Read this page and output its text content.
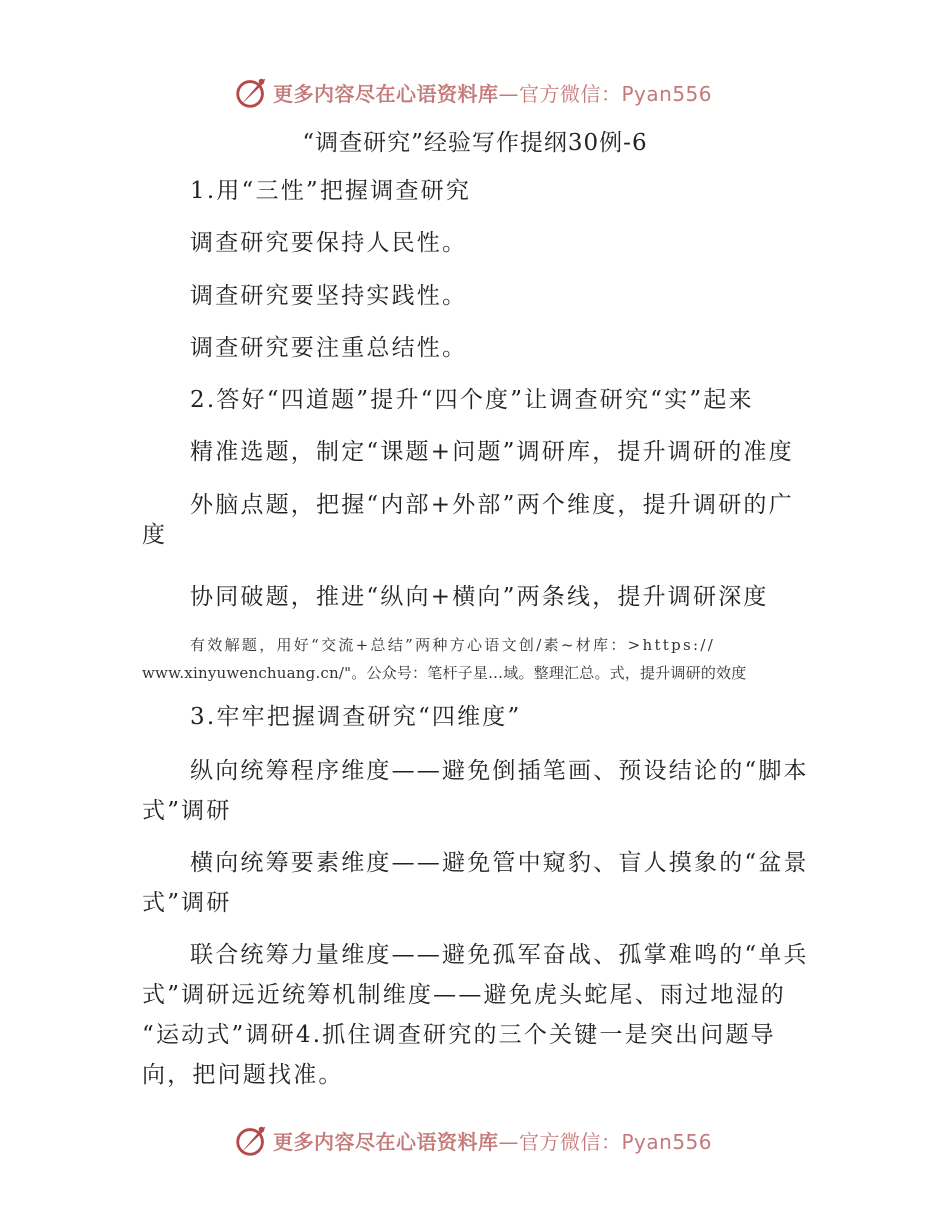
更多内容尽在心语资料库—官方微信：Pyan556
“调查研究”经验写作提纲30例-6
1.用“三性”把握调查研究
调查研究要保持人民性。
调查研究要坚持实践性。
调查研究要注重总结性。
2.答好“四道题”提升“四个度”让调查研究“实”起来
精准选题，制定“课题+问题”调研库，提升调研的准度
外脑点题，把握“内部+外部”两个维度，提升调研的广
度
协同破题，推进“纵向+横向”两条线，提升调研深度
有效解题，用好“交流+总结”两种方心语文创/素~材库：>https://
www.xinyuwenchuang.cn/"。公众号：笔杆子星…域。整理汇总。式，提升调研的效度
3.牢牢把握调查研究“四维度”
纵向统筹程序维度——避免倒插笔画、预设结论的“脚本
式”调研
横向统筹要素维度——避免管中窥豹、盲人摸象的“盆景
式”调研
联合统筹力量维度——避免孤军奋战、孤掌难鸣的“单兵
式”调研远近统筹机制维度——避免虎头蛇尾、雨过地湿的
“运动式”调研4.抓住调查研究的三个关键一是突出问题导
向，把问题找准。
更多内容尽在心语资料库—官方微信：Pyan556
